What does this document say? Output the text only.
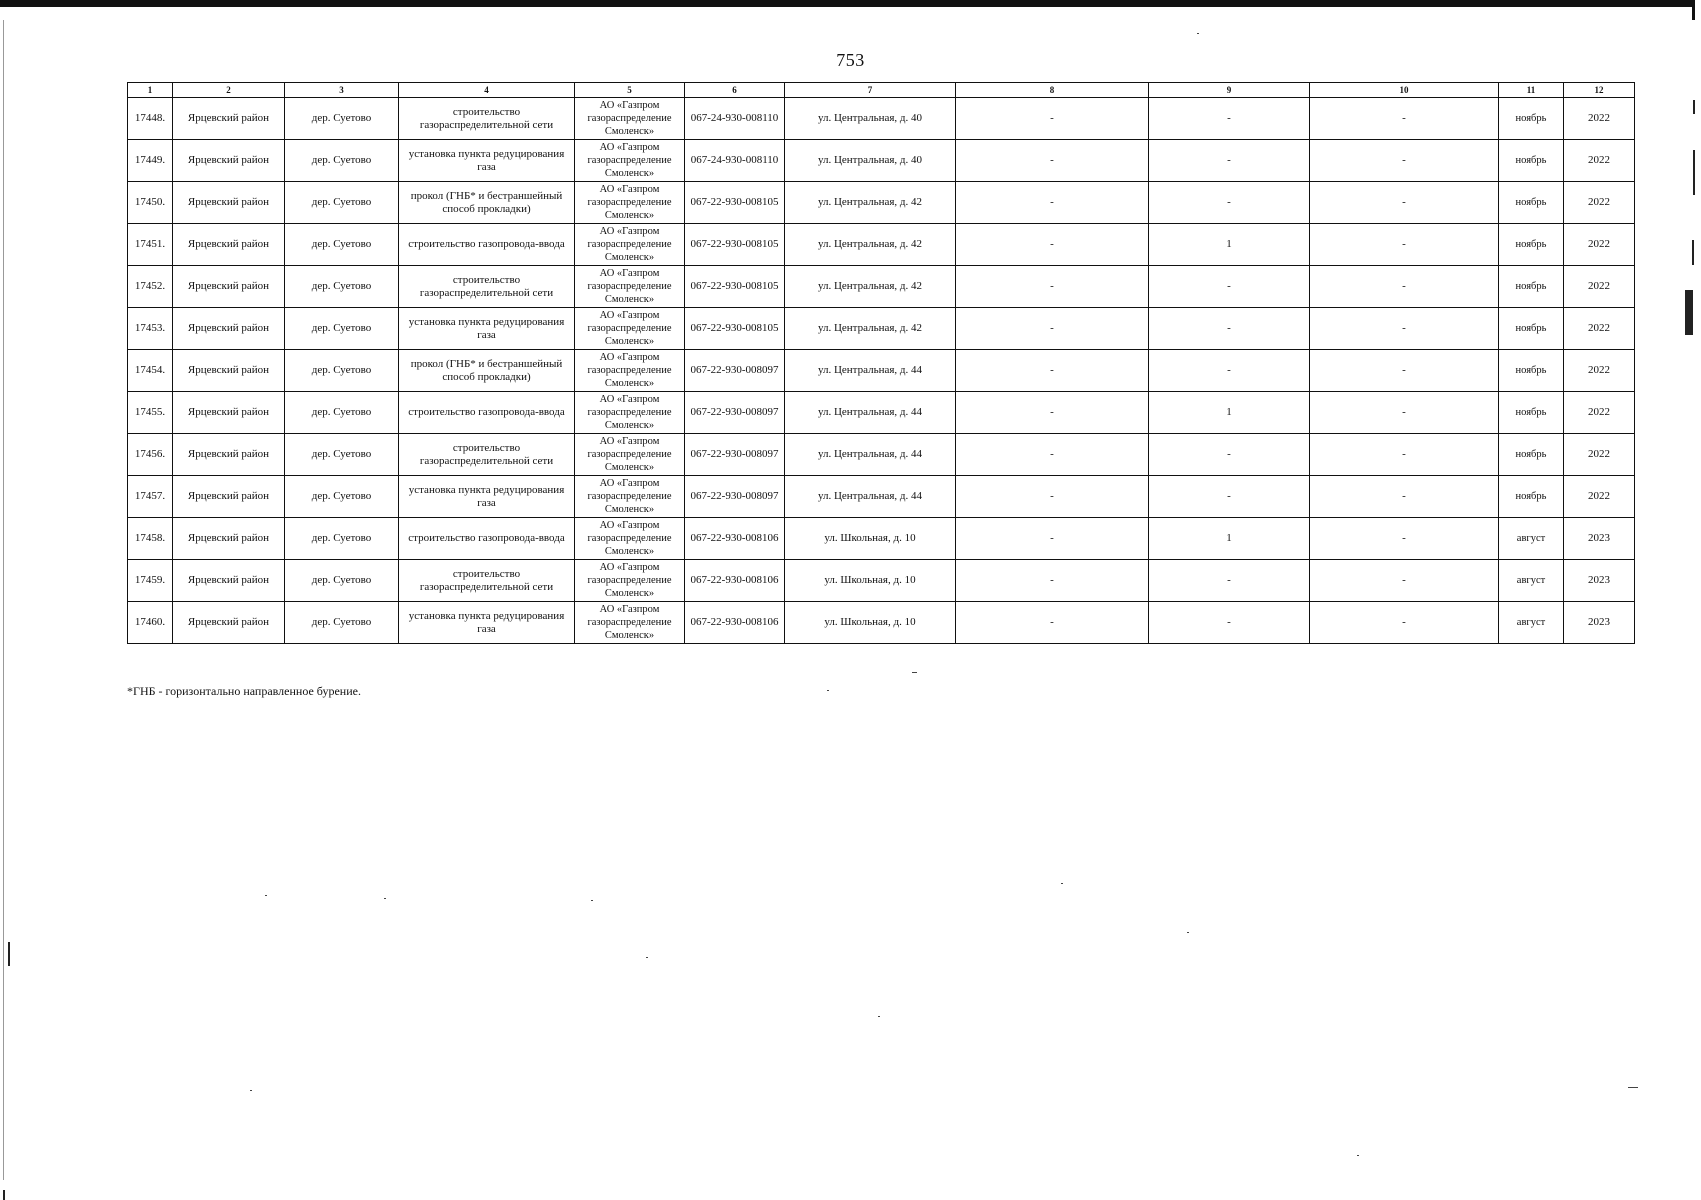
753
1	2	3	4	5	6	7	8	9	10	11	12
17448.	Ярцевский район	дер. Суетово	строительство газораспределительной сети	АО «Газпром газораспределение Смоленск»	067-24-930-008110	ул. Центральная, д. 40	-	-	-	ноябрь	2022
17449.	Ярцевский район	дер. Суетово	установка пункта редуцирования газа	АО «Газпром газораспределение Смоленск»	067-24-930-008110	ул. Центральная, д. 40	-	-	-	ноябрь	2022
17450.	Ярцевский район	дер. Суетово	прокол (ГНБ* и бестраншейный способ прокладки)	АО «Газпром газораспределение Смоленск»	067-22-930-008105	ул. Центральная, д. 42	-	-	-	ноябрь	2022
17451.	Ярцевский район	дер. Суетово	строительство газопровода-ввода	АО «Газпром газораспределение Смоленск»	067-22-930-008105	ул. Центральная, д. 42	-	1	-	ноябрь	2022
17452.	Ярцевский район	дер. Суетово	строительство газораспределительной сети	АО «Газпром газораспределение Смоленск»	067-22-930-008105	ул. Центральная, д. 42	-	-	-	ноябрь	2022
17453.	Ярцевский район	дер. Суетово	установка пункта редуцирования газа	АО «Газпром газораспределение Смоленск»	067-22-930-008105	ул. Центральная, д. 42	-	-	-	ноябрь	2022
17454.	Ярцевский район	дер. Суетово	прокол (ГНБ* и бестраншейный способ прокладки)	АО «Газпром газораспределение Смоленск»	067-22-930-008097	ул. Центральная, д. 44	-	-	-	ноябрь	2022
17455.	Ярцевский район	дер. Суетово	строительство газопровода-ввода	АО «Газпром газораспределение Смоленск»	067-22-930-008097	ул. Центральная, д. 44	-	1	-	ноябрь	2022
17456.	Ярцевский район	дер. Суетово	строительство газораспределительной сети	АО «Газпром газораспределение Смоленск»	067-22-930-008097	ул. Центральная, д. 44	-	-	-	ноябрь	2022
17457.	Ярцевский район	дер. Суетово	установка пункта редуцирования газа	АО «Газпром газораспределение Смоленск»	067-22-930-008097	ул. Центральная, д. 44	-	-	-	ноябрь	2022
17458.	Ярцевский район	дер. Суетово	строительство газопровода-ввода	АО «Газпром газораспределение Смоленск»	067-22-930-008106	ул. Школьная, д. 10	-	1	-	август	2023
17459.	Ярцевский район	дер. Суетово	строительство газораспределительной сети	АО «Газпром газораспределение Смоленск»	067-22-930-008106	ул. Школьная, д. 10	-	-	-	август	2023
17460.	Ярцевский район	дер. Суетово	установка пункта редуцирования газа	АО «Газпром газораспределение Смоленск»	067-22-930-008106	ул. Школьная, д. 10	-	-	-	август	2023
*ГНБ - горизонтально направленное бурение.
